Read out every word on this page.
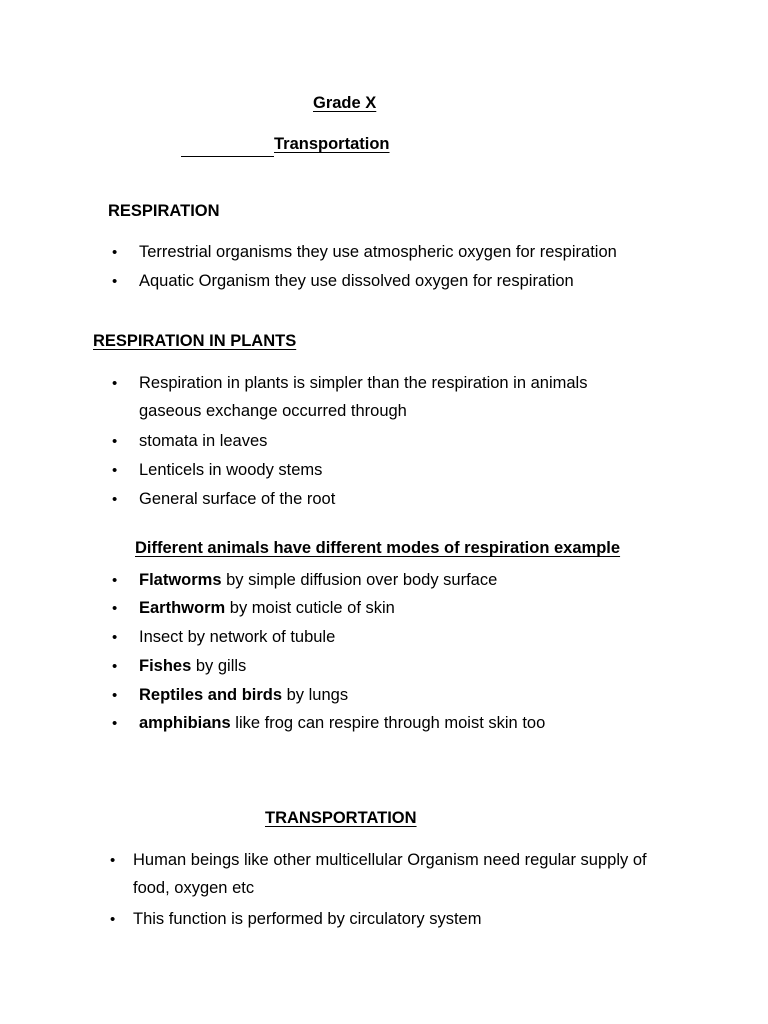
Grade X
Transportation
RESPIRATION
• Terrestrial organisms they use atmospheric oxygen for respiration
• Aquatic Organism they use dissolved oxygen for respiration
RESPIRATION IN PLANTS
• Respiration in plants is simpler than the respiration in animals
gaseous exchange occurred through
• stomata in leaves
• Lenticels in woody stems
• General surface of the root
Different animals have different modes of respiration example
• Flatworms by simple diffusion over body surface
• Earthworm by moist cuticle of skin
• Insect by network of tubule
• Fishes by gills
• Reptiles and birds by lungs
• amphibians like frog can respire through moist skin too
TRANSPORTATION
• Human beings like other multicellular Organism need regular supply of
food, oxygen etc
• This function is performed by circulatory system
